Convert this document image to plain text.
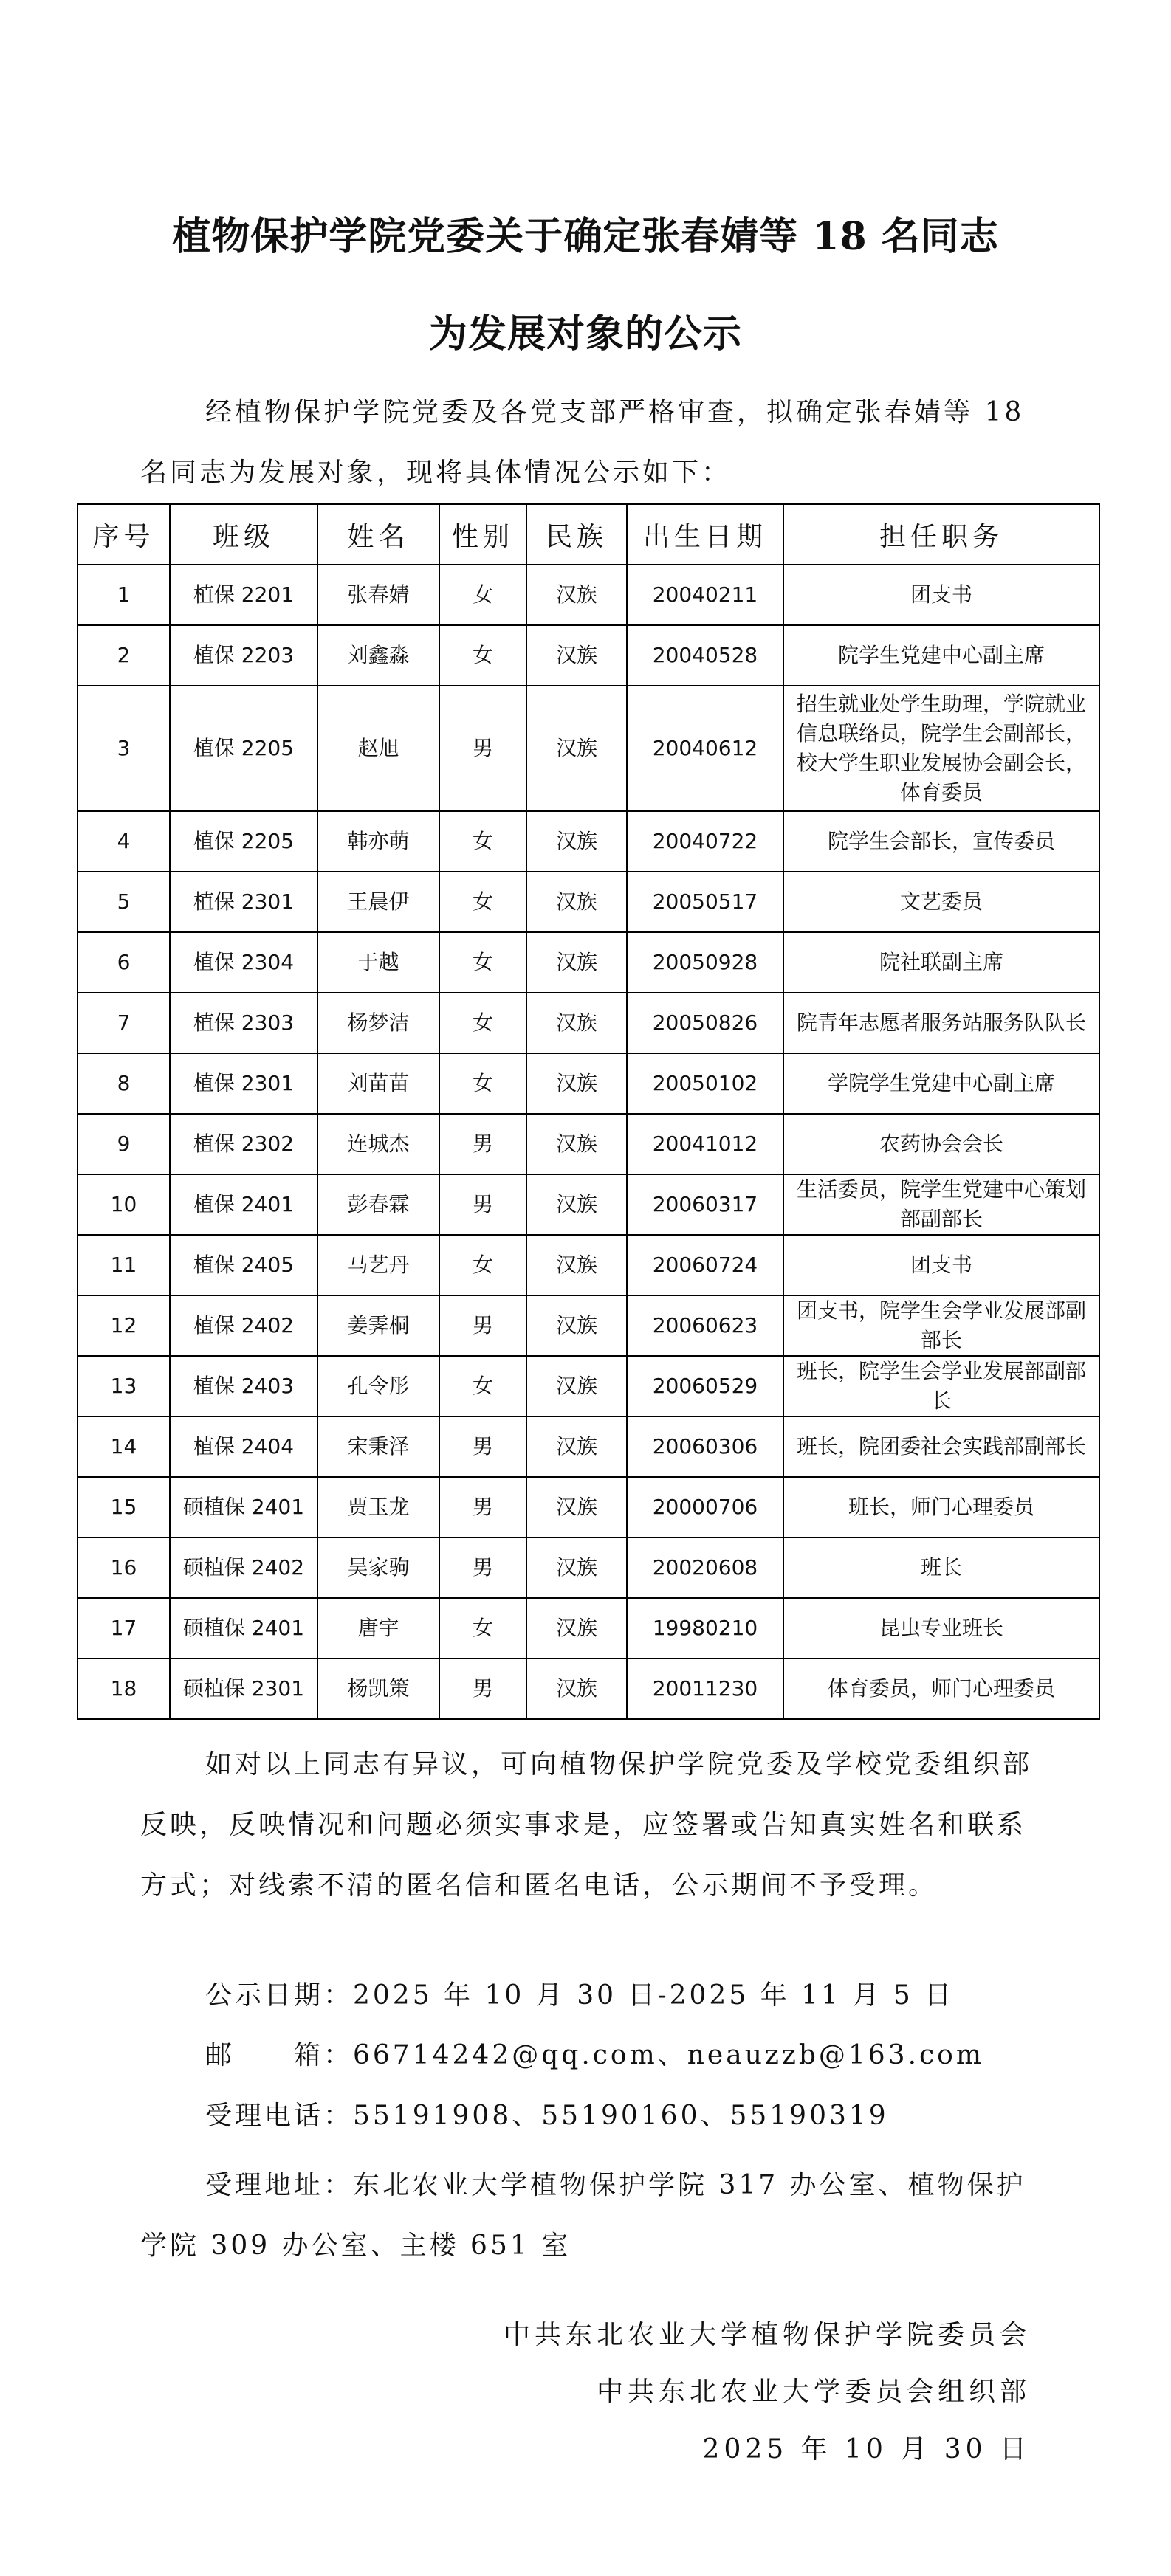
植物保护学院党委关于确定张春婧等 18 名同志
为发展对象的公示
经植物保护学院党委及各党支部严格审查，拟确定张春婧等 18 名同志为发展对象，现将具体情况公示如下：
序号	班级	姓名	性别	民族	出生日期	担任职务
1	植保 2201	张春婧	女	汉族	20040211	团支书
2	植保 2203	刘鑫淼	女	汉族	20040528	院学生党建中心副主席
3	植保 2205	赵旭	男	汉族	20040612	招生就业处学生助理，学院就业信息联络员，院学生会副部长，校大学生职业发展协会副会长，体育委员
4	植保 2205	韩亦萌	女	汉族	20040722	院学生会部长，宣传委员
5	植保 2301	王晨伊	女	汉族	20050517	文艺委员
6	植保 2304	于越	女	汉族	20050928	院社联副主席
7	植保 2303	杨梦洁	女	汉族	20050826	院青年志愿者服务站服务队队长
8	植保 2301	刘苗苗	女	汉族	20050102	学院学生党建中心副主席
9	植保 2302	连城杰	男	汉族	20041012	农药协会会长
10	植保 2401	彭春霖	男	汉族	20060317	生活委员，院学生党建中心策划部副部长
11	植保 2405	马艺丹	女	汉族	20060724	团支书
12	植保 2402	姜霁桐	男	汉族	20060623	团支书，院学生会学业发展部副部长
13	植保 2403	孔令彤	女	汉族	20060529	班长，院学生会学业发展部副部长
14	植保 2404	宋秉泽	男	汉族	20060306	班长，院团委社会实践部副部长
15	硕植保 2401	贾玉龙	男	汉族	20000706	班长，师门心理委员
16	硕植保 2402	吴家驹	男	汉族	20020608	班长
17	硕植保 2401	唐宇	女	汉族	19980210	昆虫专业班长
18	硕植保 2301	杨凯策	男	汉族	20011230	体育委员，师门心理委员
如对以上同志有异议，可向植物保护学院党委及学校党委组织部反映，反映情况和问题必须实事求是，应签署或告知真实姓名和联系方式；对线索不清的匿名信和匿名电话，公示期间不予受理。
公示日期：2025 年 10 月 30 日-2025 年 11 月 5 日
邮　　箱：66714242@qq.com、neauzzb@163.com
受理电话：55191908、55190160、55190319
受理地址：东北农业大学植物保护学院 317 办公室、植物保护学院 309 办公室、主楼 651 室
中共东北农业大学植物保护学院委员会
中共东北农业大学委员会组织部
2025 年 10 月 30 日
